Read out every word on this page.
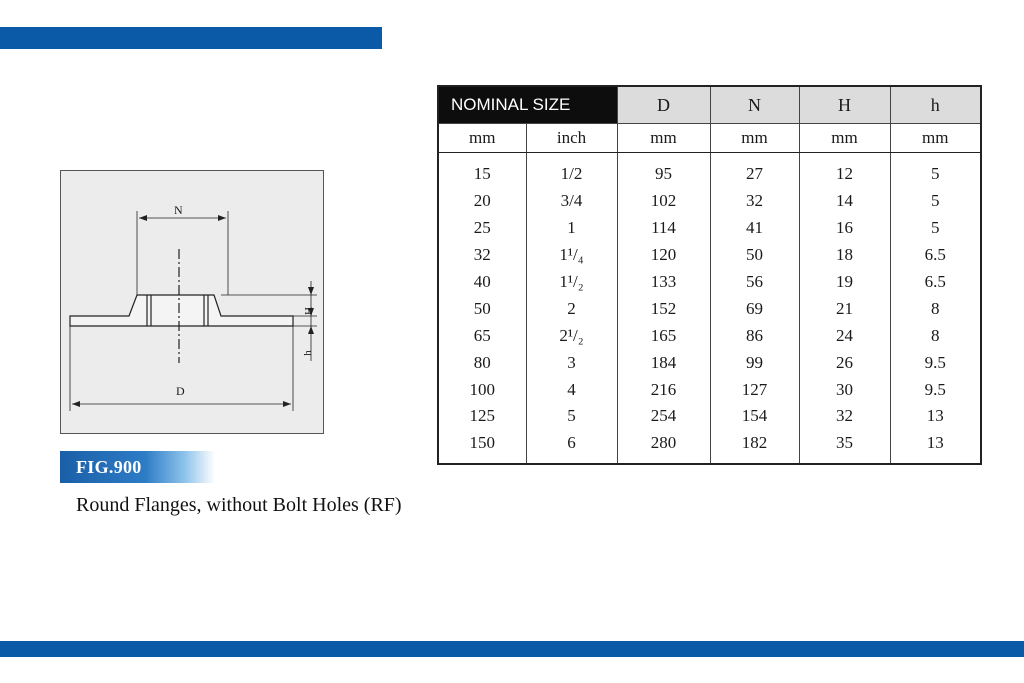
N
D
H
h
FIG.900
Round Flanges, without Bolt Holes (RF)
NOMINAL SIZE		D	N	H	h
mm	inch	mm	mm	mm	mm
15	1/2	95	27	12	5
20	3/4	102	32	14	5
25	1	114	41	16	5
32	1¹/₄	120	50	18	6.5
40	1¹/₂	133	56	19	6.5
50	2	152	69	21	8
65	2¹/₂	165	86	24	8
80	3	184	99	26	9.5
100	4	216	127	30	9.5
125	5	254	154	32	13
150	6	280	182	35	13
